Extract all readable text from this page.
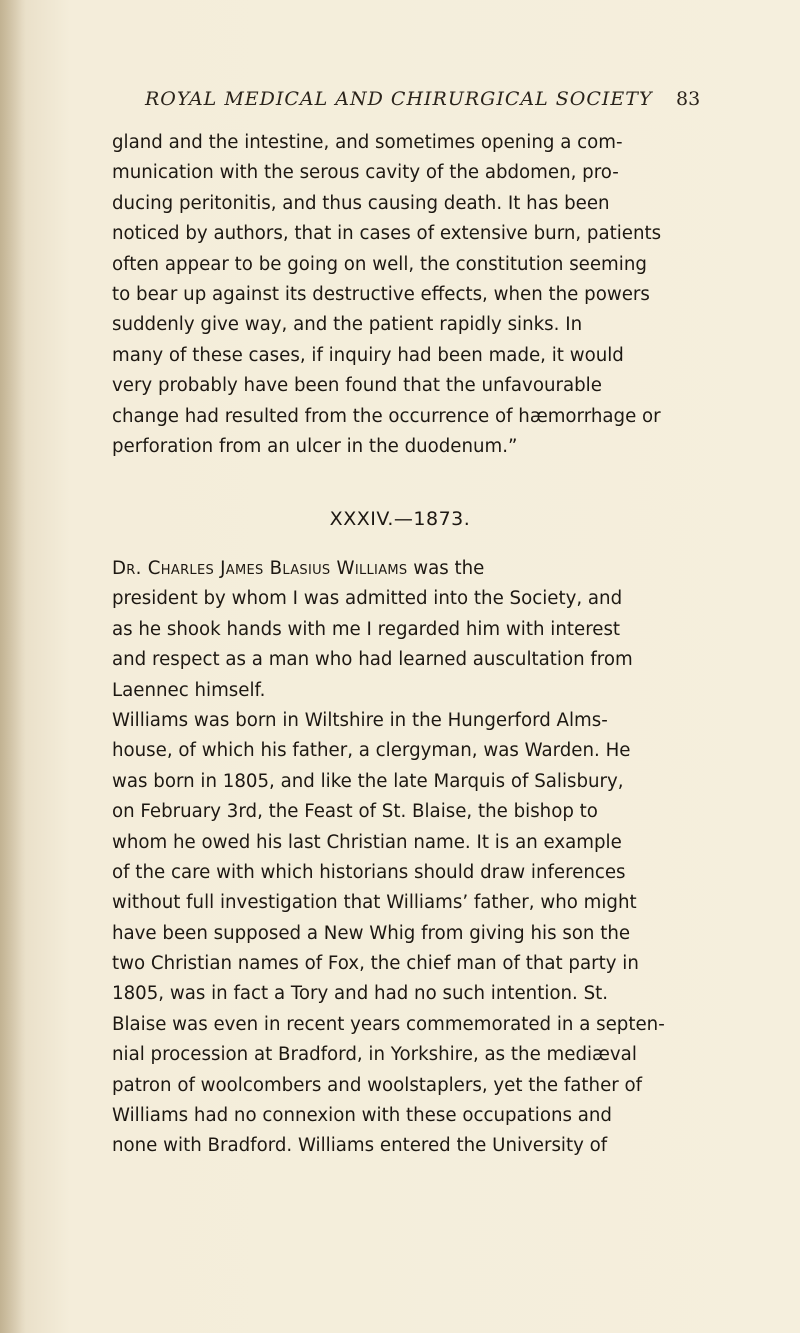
ROYAL MEDICAL AND CHIRURGICAL SOCIETY 83
gland and the intestine, and sometimes opening a com-
munication with the serous cavity of the abdomen, pro-
ducing peritonitis, and thus causing death. It has been
noticed by authors, that in cases of extensive burn, patients
often appear to be going on well, the constitution seeming
to bear up against its destructive effects, when the powers
suddenly give way, and the patient rapidly sinks. In
many of these cases, if inquiry had been made, it would
very probably have been found that the unfavourable
change had resulted from the occurrence of hæmorrhage or
perforation from an ulcer in the duodenum.”
XXXIV.—1873.
Dr. Charles James Blasius Williams was the
president by whom I was admitted into the Society, and
as he shook hands with me I regarded him with interest
and respect as a man who had learned auscultation from
Laennec himself.
Williams was born in Wiltshire in the Hungerford Alms-
house, of which his father, a clergyman, was Warden. He
was born in 1805, and like the late Marquis of Salisbury,
on February 3rd, the Feast of St. Blaise, the bishop to
whom he owed his last Christian name. It is an example
of the care with which historians should draw inferences
without full investigation that Williams’ father, who might
have been supposed a New Whig from giving his son the
two Christian names of Fox, the chief man of that party in
1805, was in fact a Tory and had no such intention. St.
Blaise was even in recent years commemorated in a septen-
nial procession at Bradford, in Yorkshire, as the mediæval
patron of woolcombers and woolstaplers, yet the father of
Williams had no connexion with these occupations and
none with Bradford. Williams entered the University of
